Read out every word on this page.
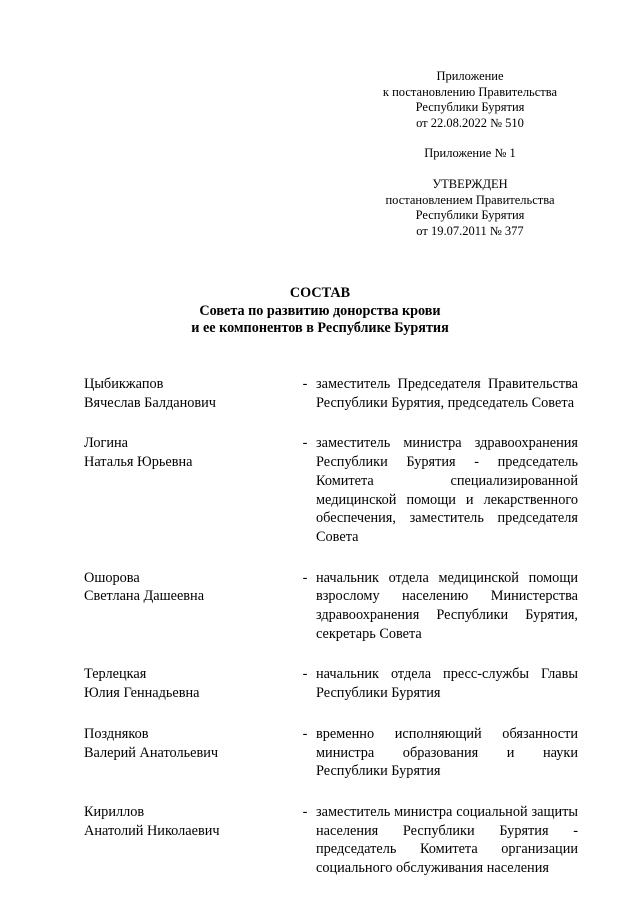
Приложение
к постановлению Правительства
Республики Бурятия
от 22.08.2022 № 510
Приложение № 1
УТВЕРЖДЕН
постановлением Правительства
Республики Бурятия
от 19.07.2011 № 377
СОСТАВ
Совета по развитию донорства крови
и ее компонентов в Республике Бурятия
Цыбикжапов
Вячеслав Балданович
- заместитель Председателя Правительства Республики Бурятия, председатель Совета
Логина
Наталья Юрьевна
- заместитель министра здравоохранения Республики Бурятия - председатель Комитета специализированной медицинской помощи и лекарственного обеспечения, заместитель председателя Совета
Ошорова
Светлана Дашеевна
- начальник отдела медицинской помощи взрослому населению Министерства здравоохранения Республики Бурятия, секретарь Совета
Терлецкая
Юлия Геннадьевна
- начальник отдела пресс-службы Главы Республики Бурятия
Поздняков
Валерий Анатольевич
- временно исполняющий обязанности министра образования и науки Республики Бурятия
Кириллов
Анатолий Николаевич
- заместитель министра социальной защиты населения Республики Бурятия - председатель Комитета организации социального обслуживания населения
